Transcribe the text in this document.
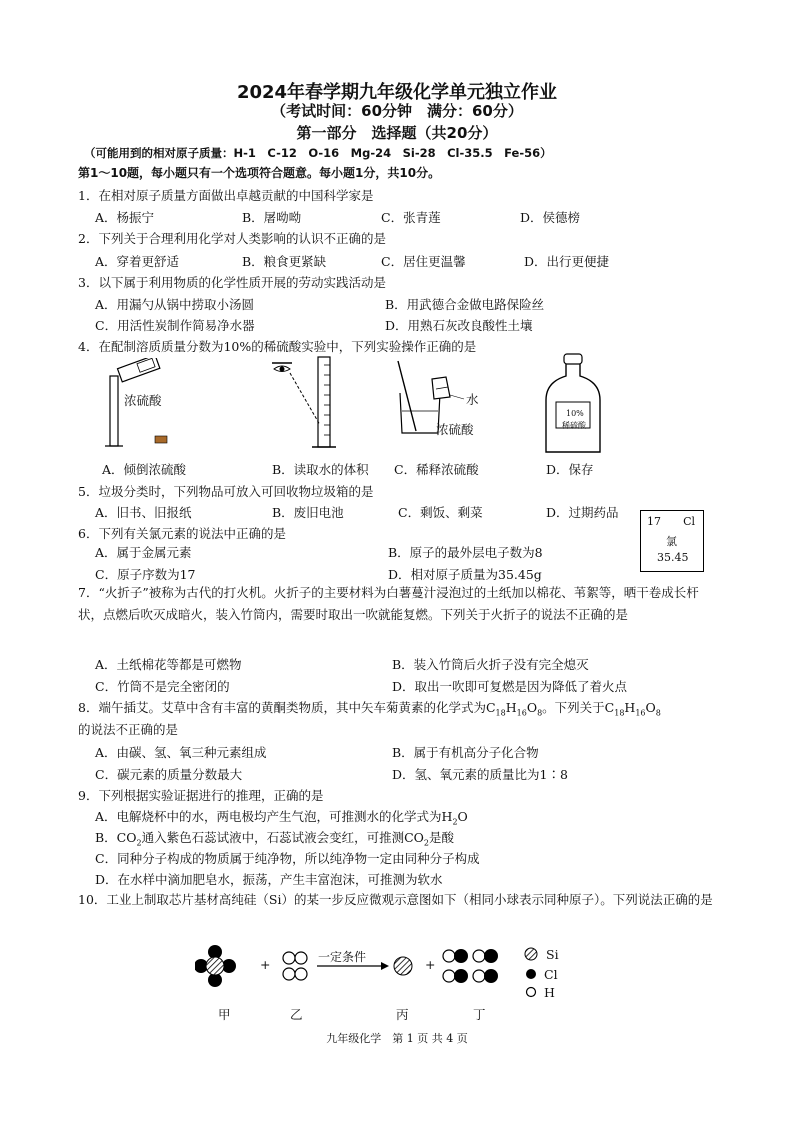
2024年春学期九年级化学单元独立作业
（考试时间：60分钟　满分：60分）
第一部分　选择题（共20分）
（可能用到的相对原子质量：H-1　C-12　O-16　Mg-24　Si-28　Cl-35.5　Fe-56）
第1～10题，每小题只有一个选项符合题意。每小题1分，共10分。
1．在相对原子质量方面做出卓越贡献的中国科学家是
A．杨振宁	B．屠呦呦	C．张青莲	D．侯德榜
2．下列关于合理利用化学对人类影响的认识不正确的是
A．穿着更舒适	B．粮食更紧缺	C．居住更温馨	D．出行更便捷
3．以下属于利用物质的化学性质开展的劳动实践活动是
A．用漏勺从锅中捞取小汤圆	B．用武德合金做电路保险丝
C．用活性炭制作简易净水器	D．用熟石灰改良酸性土壤
4．在配制溶质质量分数为10%的稀硫酸实验中，下列实验操作正确的是
浓硫酸	水
浓硫酸
10%
稀硫酸
A．倾倒浓硫酸	B．读取水的体积 C．稀释浓硫酸	D．保存
5．垃圾分类时，下列物品可放入可回收物垃圾箱的是
A．旧书、旧报纸	B．废旧电池	C．剩饭、剩菜	D．过期药品
17 Cl
氯
35.45
6．下列有关氯元素的说法中正确的是
A．属于金属元素	B．原子的最外层电子数为8
C．原子序数为17	D．相对原子质量为35.45g
7．“火折子”被称为古代的打火机。火折子的主要材料为白薯蔓汁浸泡过的土纸加以棉花、苇絮等，晒干卷成长杆状，点燃后吹灭成暗火，装入竹筒内，需要时取出一吹就能复燃。下列关于火折子的说法不正确的是
A．土纸棉花等都是可燃物	B．装入竹筒后火折子没有完全熄灭
C．竹筒不是完全密闭的	D．取出一吹即可复燃是因为降低了着火点
8．端午插艾。艾草中含有丰富的黄酮类物质，其中矢车菊黄素的化学式为$C_{18}H_{16}O_8$。下列关于$C_{18}H_{16}O_8$
的说法不正确的是
A．由碳、氢、氧三种元素组成	B．属于有机高分子化合物
C．碳元素的质量分数最大	D．氢、氧元素的质量比为1∶8
9．下列根据实验证据进行的推理，正确的是
A．电解烧杯中的水，两电极均产生气泡，可推测水的化学式为$H_2O$
B．$CO_2$通入紫色石蕊试液中，石蕊试液会变红，可推测$CO_2$是酸
C．同种分子构成的物质属于纯净物，所以纯净物一定由同种分子构成
D．在水样中滴加肥皂水，振荡，产生丰富泡沫，可推测为软水
10．工业上制取芯片基材高纯硅（Si）的某一步反应微观示意图如下（相同小球表示同种原子）。下列说法正确的是
+	+
一定条件	Si
Cl
H
甲	乙	丙	丁
九年级化学　第 1 页 共 4 页
